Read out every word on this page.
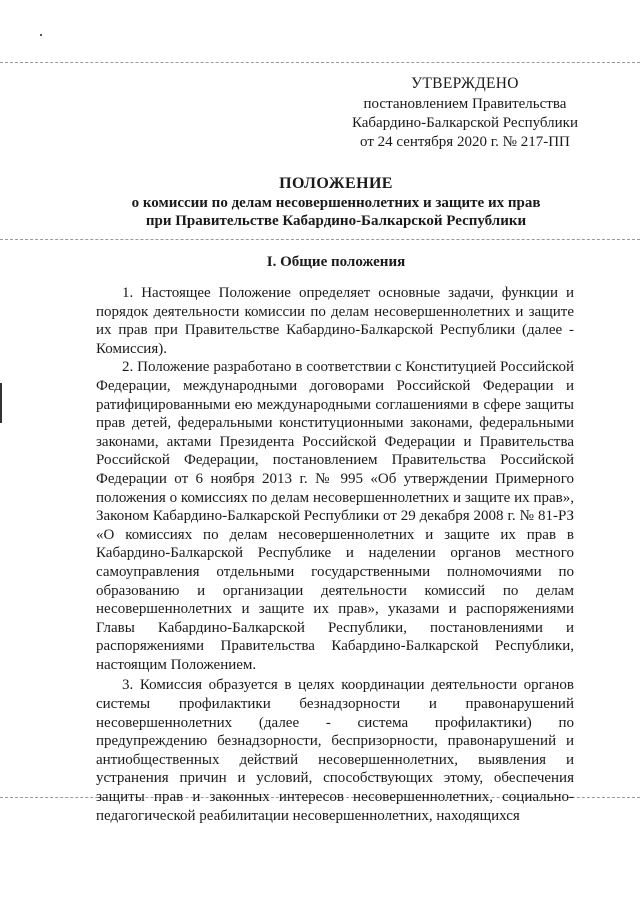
УТВЕРЖДЕНО
постановлением Правительства
Кабардино-Балкарской Республики
от 24 сентября 2020 г. № 217-ПП
ПОЛОЖЕНИЕ
о комиссии по делам несовершеннолетних и защите их прав
при Правительстве Кабардино-Балкарской Республики
I. Общие положения

1. Настоящее Положение определяет основные задачи, функции и порядок деятельности комиссии по делам несовершеннолетних и защите их прав при Правительстве Кабардино-Балкарской Республики (далее - Комиссия).

2. Положение разработано в соответствии с Конституцией Российской Федерации, международными договорами Российской Федерации и ратифицированными ею международными соглашениями в сфере защиты прав детей, федеральными конституционными законами, федеральными законами, актами Президента Российской Федерации и Правительства Российской Федерации, постановлением Правительства Российской Федерации от 6 ноября 2013 г. № 995 «Об утверждении Примерного положения о комиссиях по делам несовершеннолетних и защите их прав», Законом Кабардино-Балкарской Республики от 29 декабря 2008 г. № 81-РЗ «О комиссиях по делам несовершеннолетних и защите их прав в Кабардино-Балкарской Республике и наделении органов местного самоуправления отдельными государственными полномочиями по образованию и организации деятельности комиссий по делам несовершеннолетних и защите их прав», указами и распоряжениями Главы Кабардино-Балкарской Республики, постановлениями и распоряжениями Правительства Кабардино-Балкарской Республики, настоящим Положением.

3. Комиссия образуется в целях координации деятельности органов системы профилактики безнадзорности и правонарушений несовершеннолетних (далее - система профилактики) по предупреждению безнадзорности, беспризорности, правонарушений и антиобщественных действий несовершеннолетних, выявления и устранения причин и условий, способствующих этому, обеспечения защиты прав и законных интересов несовершеннолетних, социально-педагогической реабилитации несовершеннолетних, находящихся
